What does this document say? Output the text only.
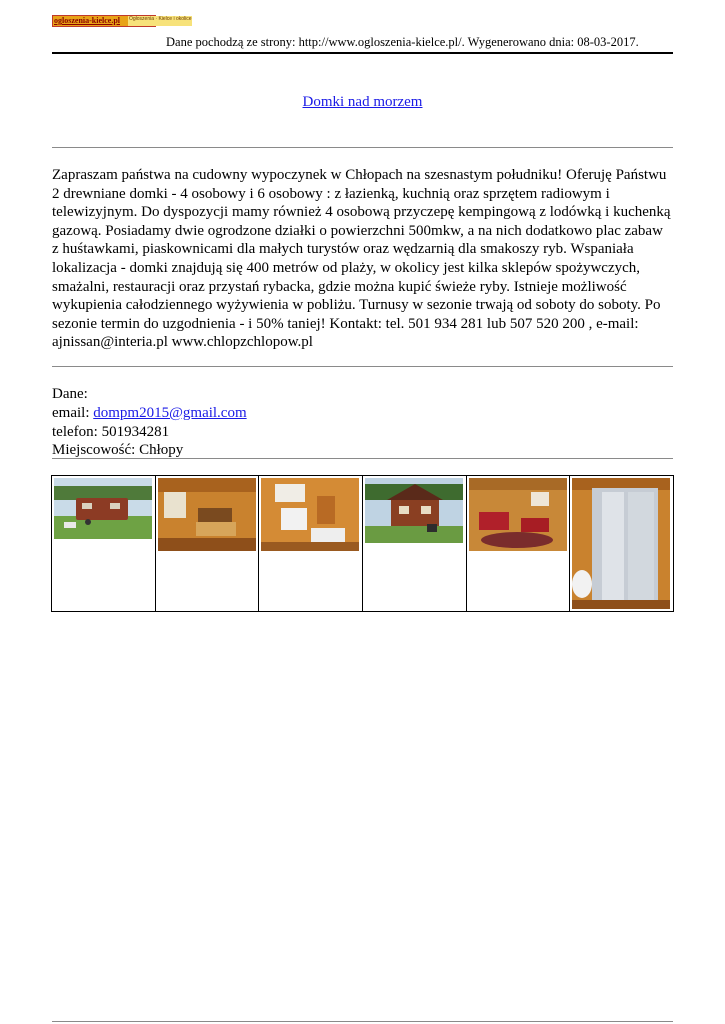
ogloszenia-kielce.pl	Ogłoszenia · Kielce i okolice
Dane pochodzą ze strony: http://www.ogloszenia-kielce.pl/. Wygenerowano dnia: 08-03-2017.
Domki nad morzem

Zapraszam państwa na cudowny wypoczynek w Chłopach na szesnastym południku! Oferuję Państwu 2 drewniane domki - 4 osobowy i 6 osobowy : z łazienką, kuchnią oraz sprzętem radiowym i telewizyjnym. Do dyspozycji mamy również 4 osobową przyczepę kempingową z lodówką i kuchenką gazową. Posiadamy dwie ogrodzone działki o powierzchni 500mkw, a na nich dodatkowo plac zabaw z huśtawkami, piaskownicami dla małych turystów oraz wędzarnią dla smakoszy ryb. Wspaniała lokalizacja - domki znajdują się 400 metrów od plaży, w okolicy jest kilka sklepów spożywczych, smażalni, restauracji oraz przystań rybacka, gdzie można kupić świeże ryby. Istnieje możliwość wykupienia całodziennego wyżywienia w pobliżu. Turnusy w sezonie trwają od soboty do soboty. Po sezonie termin do uzgodnienia - i 50% taniej! Kontakt: tel. 501 934 281 lub 507 520 200 , e-mail: ajnissan@interia.pl www.chlopzchlopow.pl

Dane:
email: dompm2015@gmail.com
telefon: 501934281
Miejscowość: Chłopy
